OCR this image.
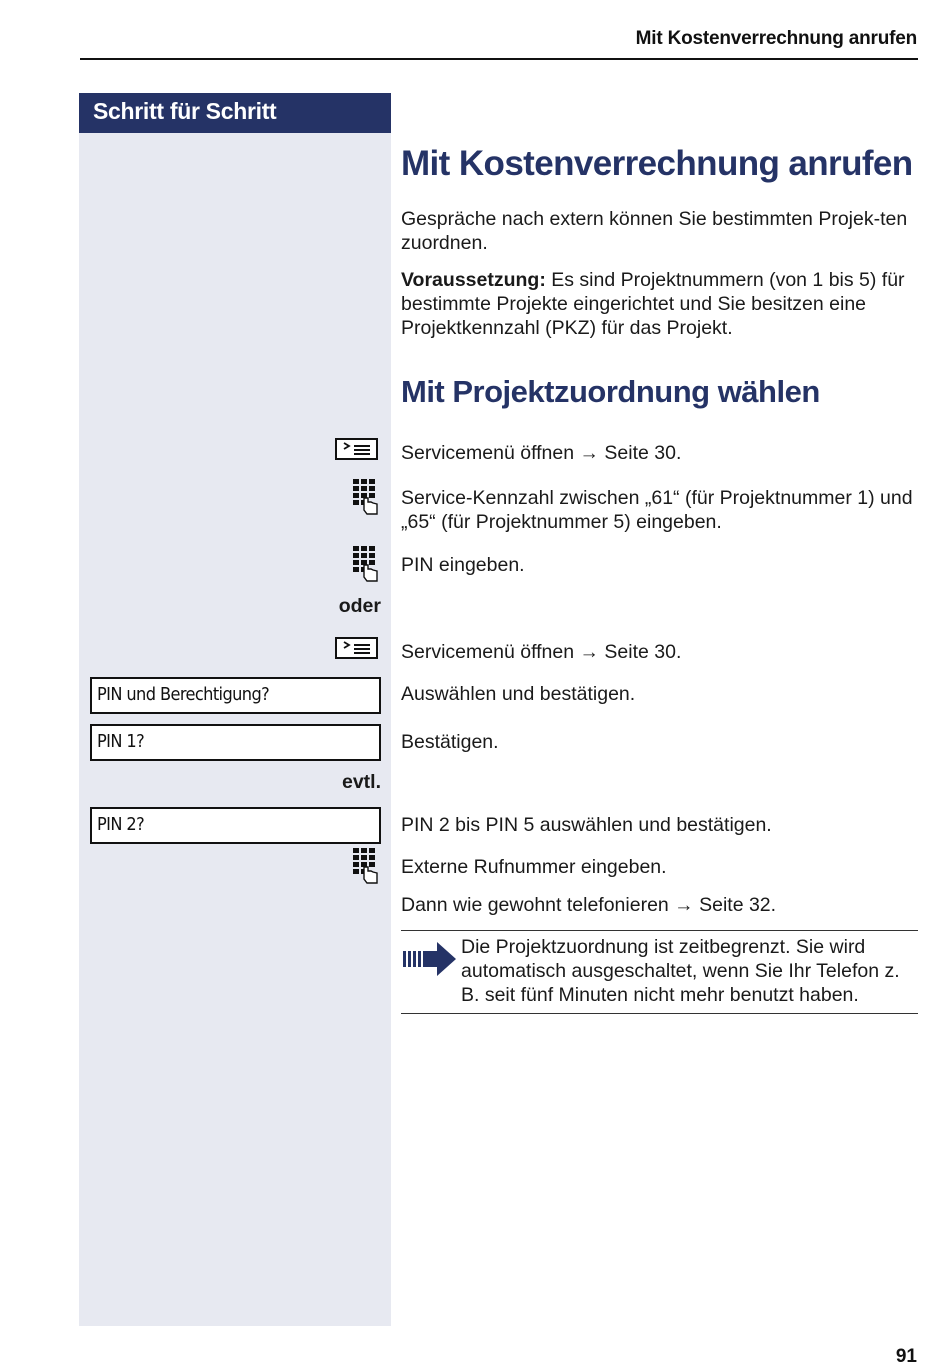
Mit Kostenverrechnung anrufen
Schritt für Schritt
Mit Kostenverrechnung anrufen
Gespräche nach extern können Sie bestimmten Projek-ten zuordnen.
Voraussetzung: Es sind Projektnummern (von 1 bis 5) für bestimmte Projekte eingerichtet und Sie besitzen eine Projektkennzahl (PKZ) für das Projekt.
Mit Projektzuordnung wählen
Servicemenü öffnen → Seite 30.
Service-Kennzahl zwischen „61“ (für Projektnummer 1) und „65“ (für Projektnummer 5) eingeben.
PIN eingeben.
oder
Servicemenü öffnen → Seite 30.
PIN und Berechtigung?	Auswählen und bestätigen.
PIN 1?	Bestätigen.
evtl.
PIN 2?	PIN 2 bis PIN 5 auswählen und bestätigen.
Externe Rufnummer eingeben.
Dann wie gewohnt telefonieren → Seite 32.
Die Projektzuordnung ist zeitbegrenzt. Sie wird automatisch ausgeschaltet, wenn Sie Ihr Telefon z. B. seit fünf Minuten nicht mehr benutzt haben.
91
